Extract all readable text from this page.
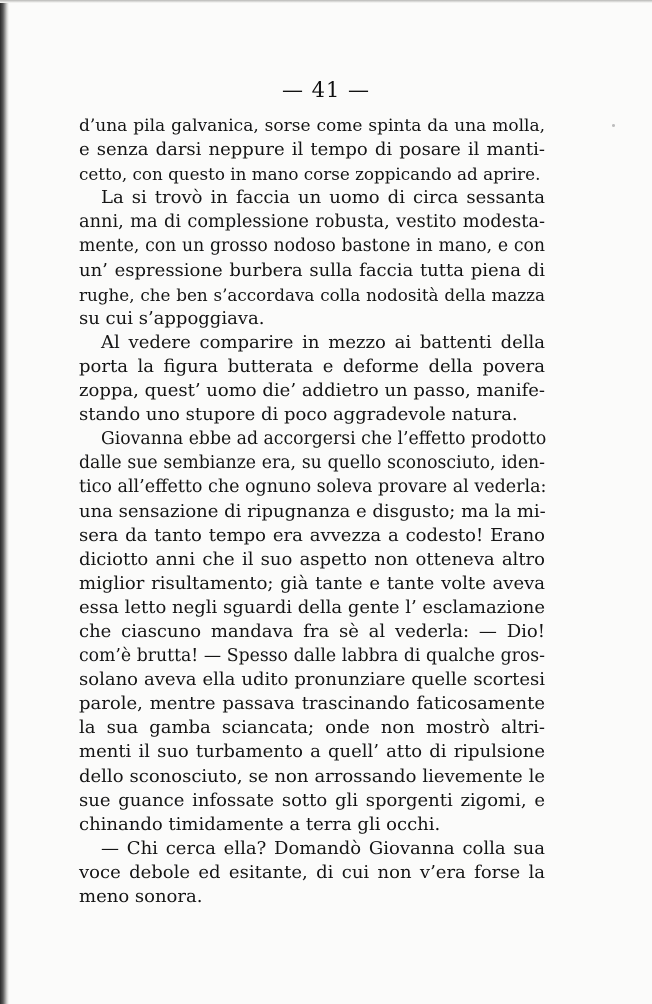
— 41 —
d’una pila galvanica, sorse come spinta da una molla,
e senza darsi neppure il tempo di posare il manti-
cetto, con questo in mano corse zoppicando ad aprire.
La si trovò in faccia un uomo di circa sessanta
anni, ma di complessione robusta, vestito modesta-
mente, con un grosso nodoso bastone in mano, e con
un’ espressione burbera sulla faccia tutta piena di
rughe, che ben s’accordava colla nodosità della mazza
su cui s’appoggiava.
Al vedere comparire in mezzo ai battenti della
porta la figura butterata e deforme della povera
zoppa, quest’ uomo die’ addietro un passo, manife-
stando uno stupore di poco aggradevole natura.
Giovanna ebbe ad accorgersi che l’effetto prodotto
dalle sue sembianze era, su quello sconosciuto, iden-
tico all’effetto che ognuno soleva provare al vederla:
una sensazione di ripugnanza e disgusto; ma la mi-
sera da tanto tempo era avvezza a codesto! Erano
diciotto anni che il suo aspetto non otteneva altro
miglior risultamento; già tante e tante volte aveva
essa letto negli sguardi della gente l’ esclamazione
che ciascuno mandava fra sè al vederla: — Dio!
com’è brutta! — Spesso dalle labbra di qualche gros-
solano aveva ella udito pronunziare quelle scortesi
parole, mentre passava trascinando faticosamente
la sua gamba sciancata; onde non mostrò altri-
menti il suo turbamento a quell’ atto di ripulsione
dello sconosciuto, se non arrossando lievemente le
sue guance infossate sotto gli sporgenti zigomi, e
chinando timidamente a terra gli occhi.
— Chi cerca ella? Domandò Giovanna colla sua
voce debole ed esitante, di cui non v’era forse la
meno sonora.
